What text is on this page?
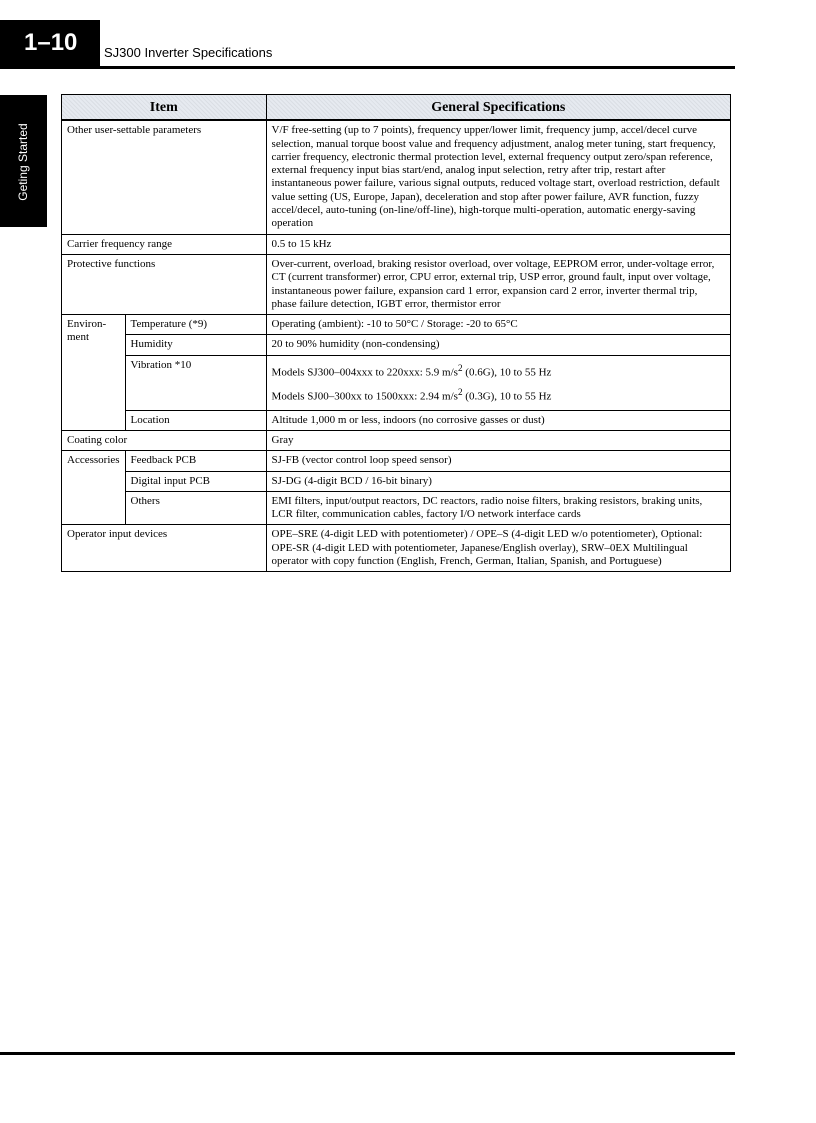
1–10	SJ300 Inverter Specifications
Geting Started
Item		General Specifications
Other user-settable parameters		V/F free-setting (up to 7 points), frequency upper/lower limit, frequency jump, accel/decel curve selection, manual torque boost value and frequency adjustment, analog meter tuning, start frequency, carrier frequency, electronic thermal protection level, external frequency output zero/span reference, external frequency input bias start/end, analog input selection, retry after trip, restart after instantaneous power failure, various signal outputs, reduced voltage start, overload restriction, default value setting (US, Europe, Japan), deceleration and stop after power failure, AVR function, fuzzy accel/decel, auto-tuning (on-line/off-line), high-torque multi-operation, automatic energy-saving operation
Carrier frequency range		0.5 to 15 kHz
Protective functions		Over-current, overload, braking resistor overload, over voltage, EEPROM error, under-voltage error, CT (current transformer) error, CPU error, external trip, USP error, ground fault, input over voltage, instantaneous power failure, expansion card 1 error, expansion card 2 error, inverter thermal trip, phase failure detection, IGBT error, thermistor error
Environ-ment	Temperature (*9)	Operating (ambient): -10 to 50°C / Storage: -20 to 65°C
	Humidity	20 to 90% humidity (non-condensing)
	Vibration *10	Models SJ300–004xxx to 220xxx: 5.9 $m/s^2$ (0.6G), 10 to 55 Hz
Models SJ00–300xx to 1500xxx: 2.94 $m/s^2$ (0.3G), 10 to 55 Hz

	Location	Altitude 1,000 m or less, indoors (no corrosive gasses or dust)
Coating color		Gray
Accessories	Feedback PCB	SJ-FB (vector control loop speed sensor)
	Digital input PCB	SJ-DG (4-digit BCD / 16-bit binary)
	Others	EMI filters, input/output reactors, DC reactors, radio noise filters, braking resistors, braking units, LCR filter, communication cables, factory I/O network interface cards
Operator input devices		OPE–SRE (4-digit LED with potentiometer) / OPE–S (4-digit LED w/o potentiometer), Optional: OPE-SR (4-digit LED with potentiometer, Japanese/English overlay), SRW–0EX Multilingual operator with copy function (English, French, German, Italian, Spanish, and Portuguese)
